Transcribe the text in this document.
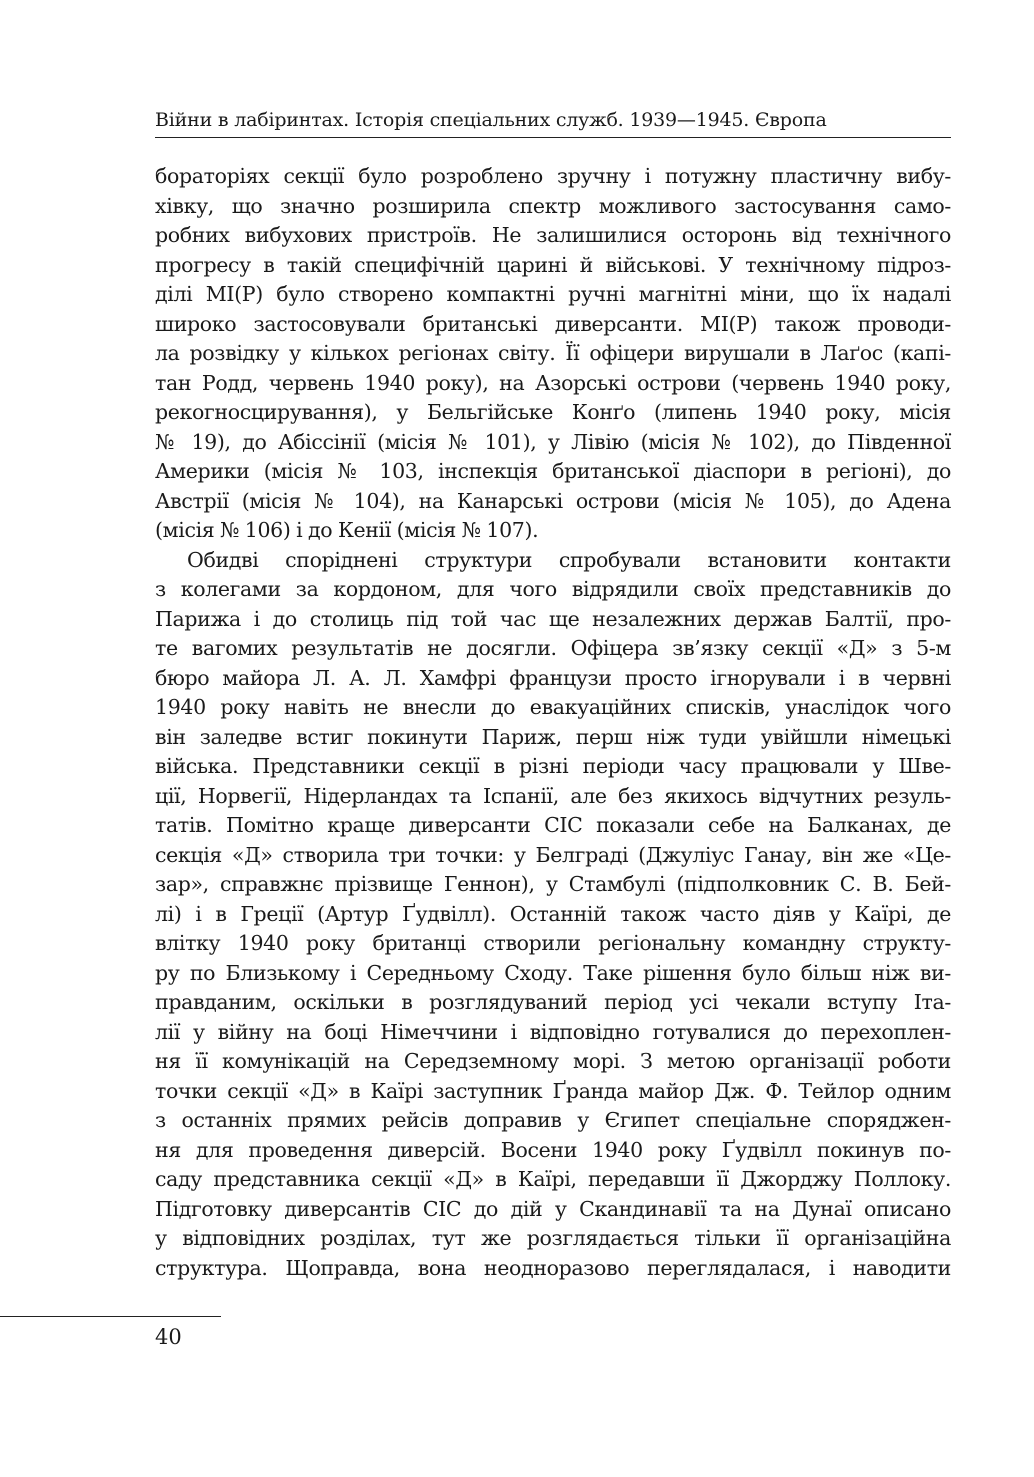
Війни в лабіринтах. Історія спеціальних служб. 1939—1945. Європа
бораторіях секції було розроблено зручну і потужну пластичну вибу-
хівку, що значно розширила спектр можливого застосування само-
робних вибухових пристроїв. Не залишилися осторонь від технічного
прогресу в такій специфічній царині й військові. У технічному підроз-
ділі MI(P) було створено компактні ручні магнітні міни, що їх надалі
широко застосовували британські диверсанти. MI(P) також проводи-
ла розвідку у кількох регіонах світу. Її офіцери вирушали в Лаґос (капі-
тан Родд, червень 1940 року), на Азорські острови (червень 1940 року,
рекогносцирування), у Бельгійське Конґо (липень 1940 року, місія
№ 19), до Абіссінії (місія № 101), у Лівію (місія № 102), до Південної
Америки (місія № 103, інспекція британської діаспори в регіоні), до
Австрії (місія № 104), на Канарські острови (місія № 105), до Адена
(місія № 106) і до Кенії (місія № 107).
Обидві споріднені структури спробували встановити контакти
з колегами за кордоном, для чого відрядили своїх представників до
Парижа і до столиць під той час ще незалежних держав Балтії, про-
те вагомих результатів не досягли. Офіцера зв’язку секції «Д» з 5-м
бюро майора Л. А. Л. Хамфрі французи просто ігнорували і в червні
1940 року навіть не внесли до евакуаційних списків, унаслідок чого
він заледве встиг покинути Париж, перш ніж туди увійшли німецькі
війська. Представники секції в різні періоди часу працювали у Шве-
ції, Норвегії, Нідерландах та Іспанії, але без якихось відчутних резуль-
татів. Помітно краще диверсанти СІС показали себе на Балканах, де
секція «Д» створила три точки: у Белграді (Джуліус Ганау, він же «Це-
зар», справжнє прізвище Геннон), у Стамбулі (підполковник С. В. Бей-
лі) і в Греції (Артур Ґудвілл). Останній також часто діяв у Каїрі, де
влітку 1940 року британці створили регіональну командну структу-
ру по Близькому і Середньому Сходу. Таке рішення було більш ніж ви-
правданим, оскільки в розглядуваний період усі чекали вступу Іта-
лії у війну на боці Німеччини і відповідно готувалися до перехоплен-
ня її комунікацій на Середземному морі. З метою організації роботи
точки секції «Д» в Каїрі заступник Ґранда майор Дж. Ф. Тейлор одним
з останніх прямих рейсів доправив у Єгипет спеціальне споряджен-
ня для проведення диверсій. Восени 1940 року Ґудвілл покинув по-
саду представника секції «Д» в Каїрі, передавши її Джорджу Поллоку.
Підготовку диверсантів СІС до дій у Скандинавії та на Дунаї описано
у відповідних розділах, тут же розглядається тільки її організаційна
структура. Щоправда, вона неодноразово переглядалася, і наводити
40
